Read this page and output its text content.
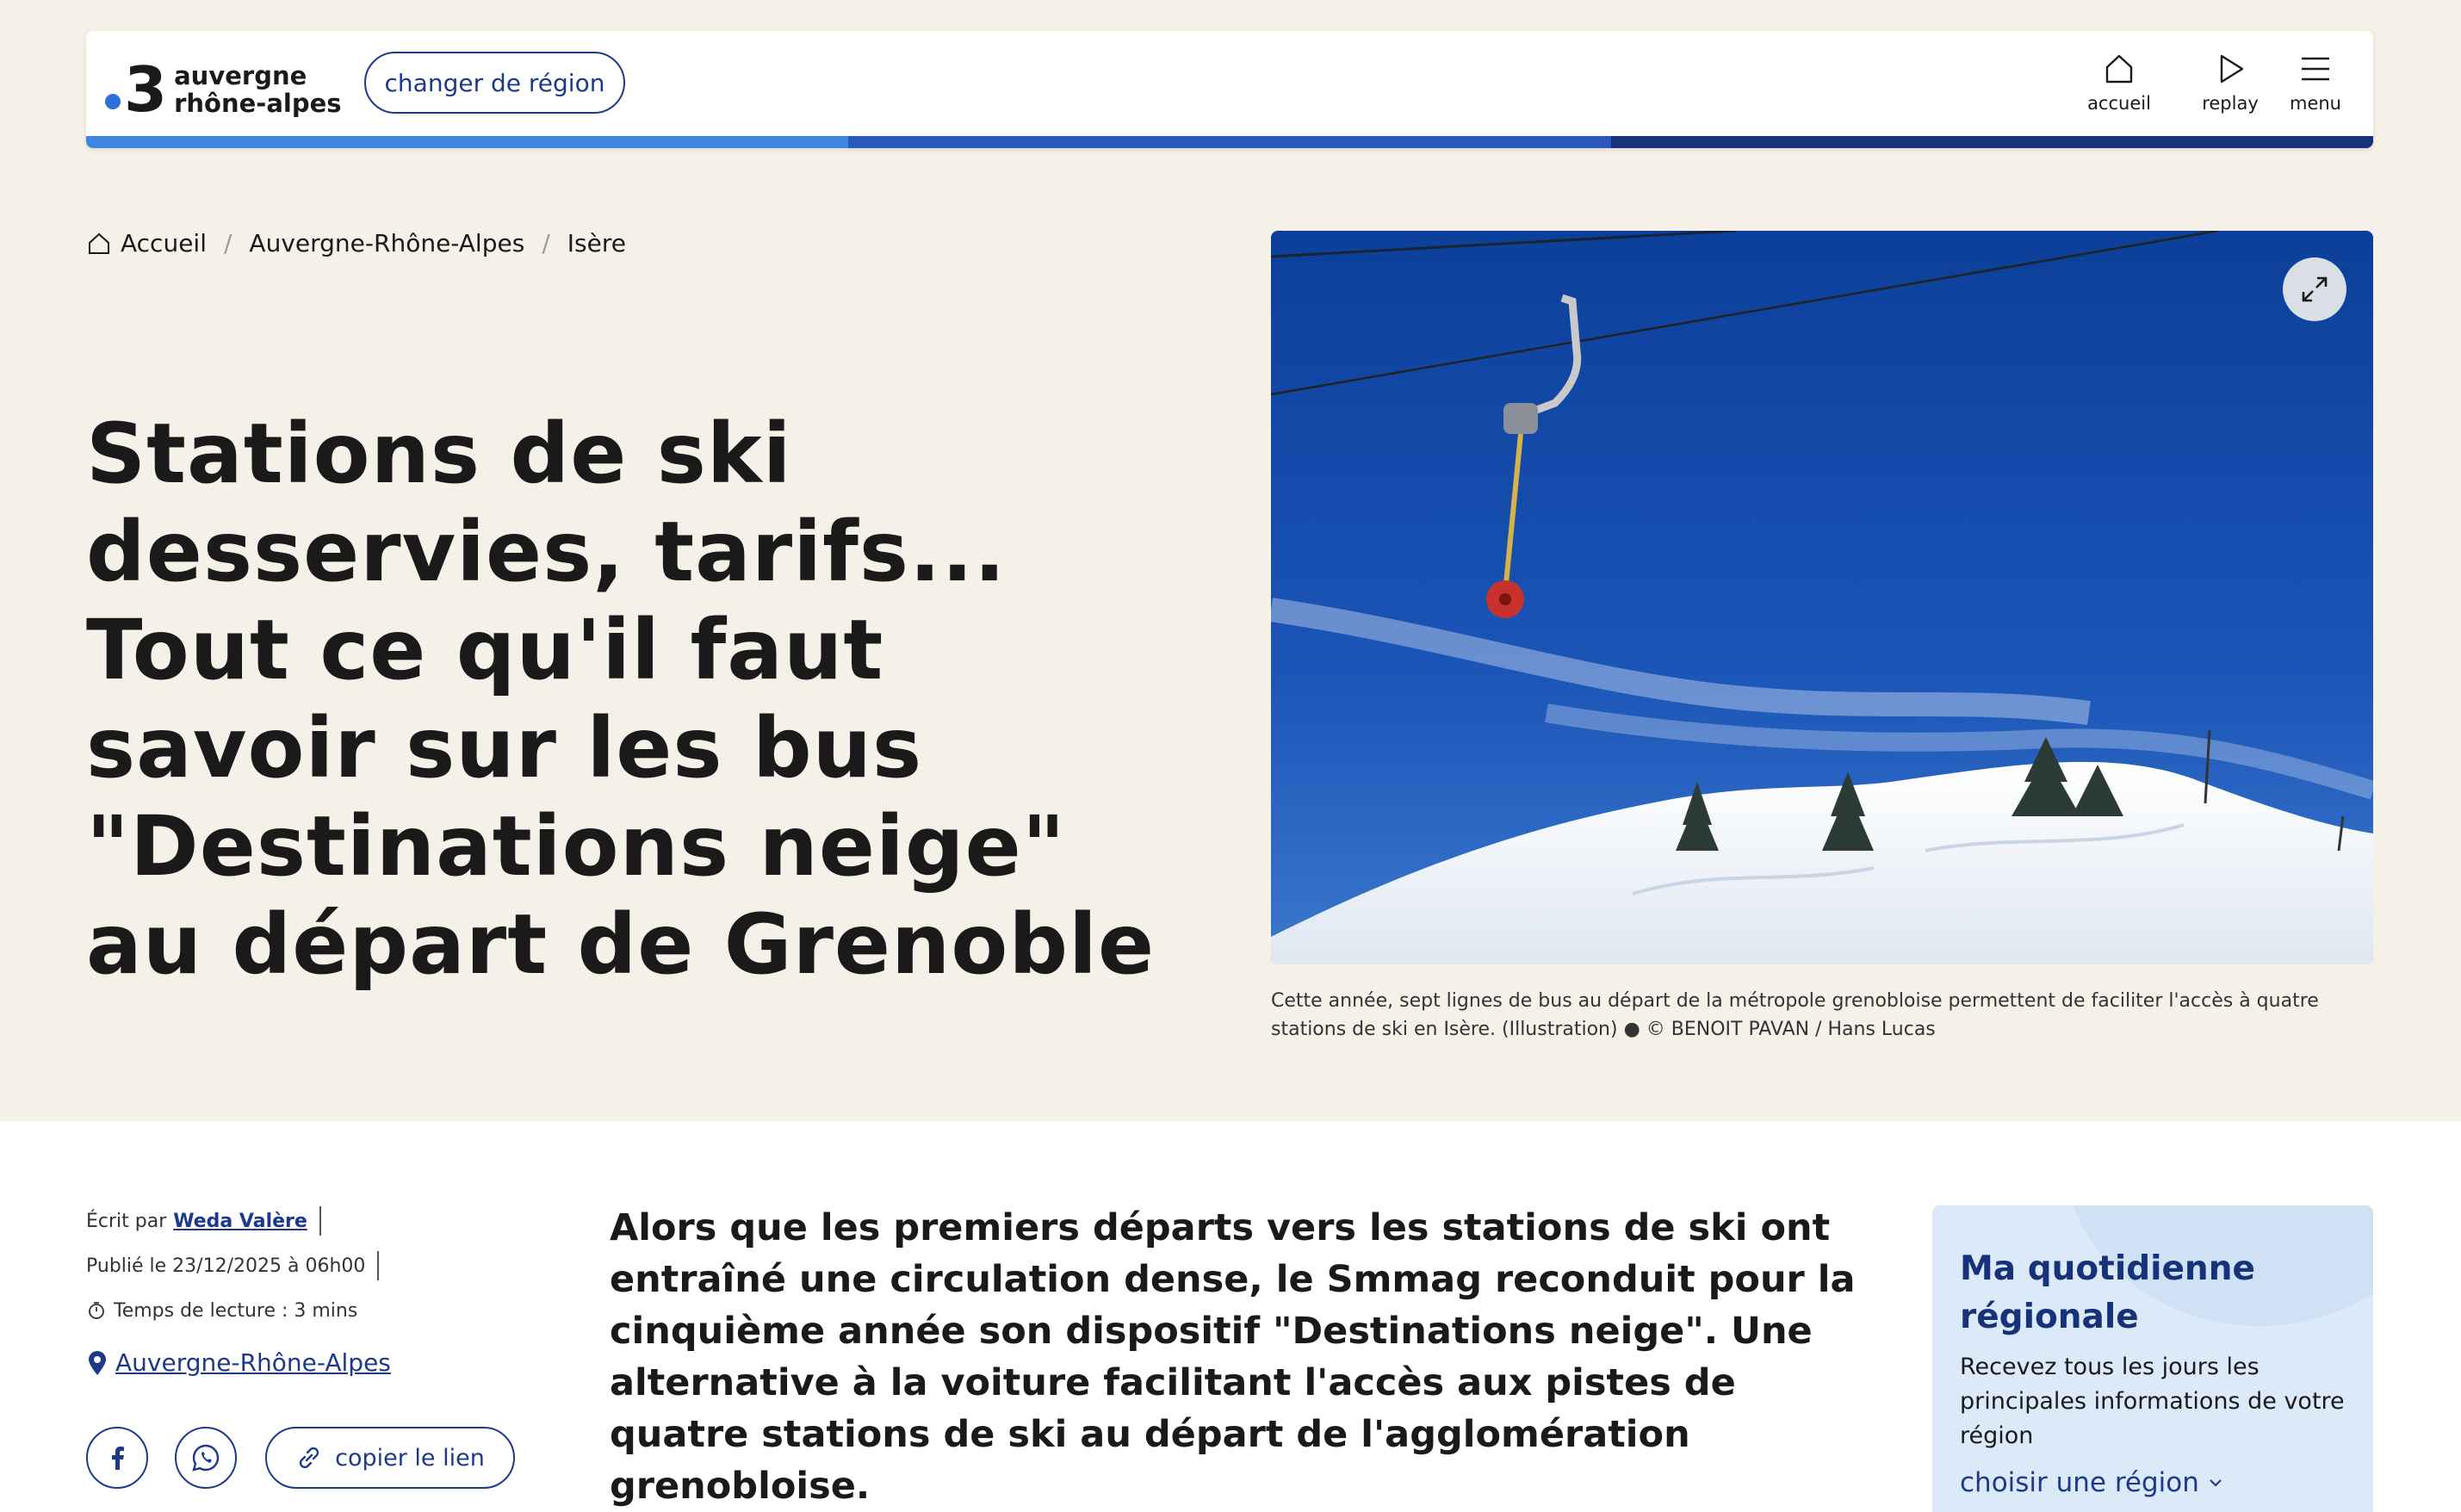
3 auvergne
rhône-alpes
changer de région
accueil	replay menu
Accueil / Auvergne-Rhône-Alpes / Isère
Stations de ski desservies, tarifs... Tout ce qu'il faut savoir sur les bus "Destinations neige" au départ de Grenoble
Cette année, sept lignes de bus au départ de la métropole grenobloise permettent de faciliter l'accès à quatre stations de ski en Isère. (Illustration) ● © BENOIT PAVAN / Hans Lucas
Écrit par Weda Valère
Publié le 23/12/2025 à 06h00
Temps de lecture : 3 mins
Auvergne-Rhône-Alpes
copier le lien

Alors que les premiers départs vers les stations de ski ont entraîné une circulation dense, le Smmag reconduit pour la cinquième année son dispositif "Destinations neige". Une alternative à la voiture facilitant l'accès aux pistes de quatre stations de ski au départ de l'agglomération grenobloise.

Ma quotidienne régionale
Recevez tous les jours les principales informations de votre région
choisir une région
